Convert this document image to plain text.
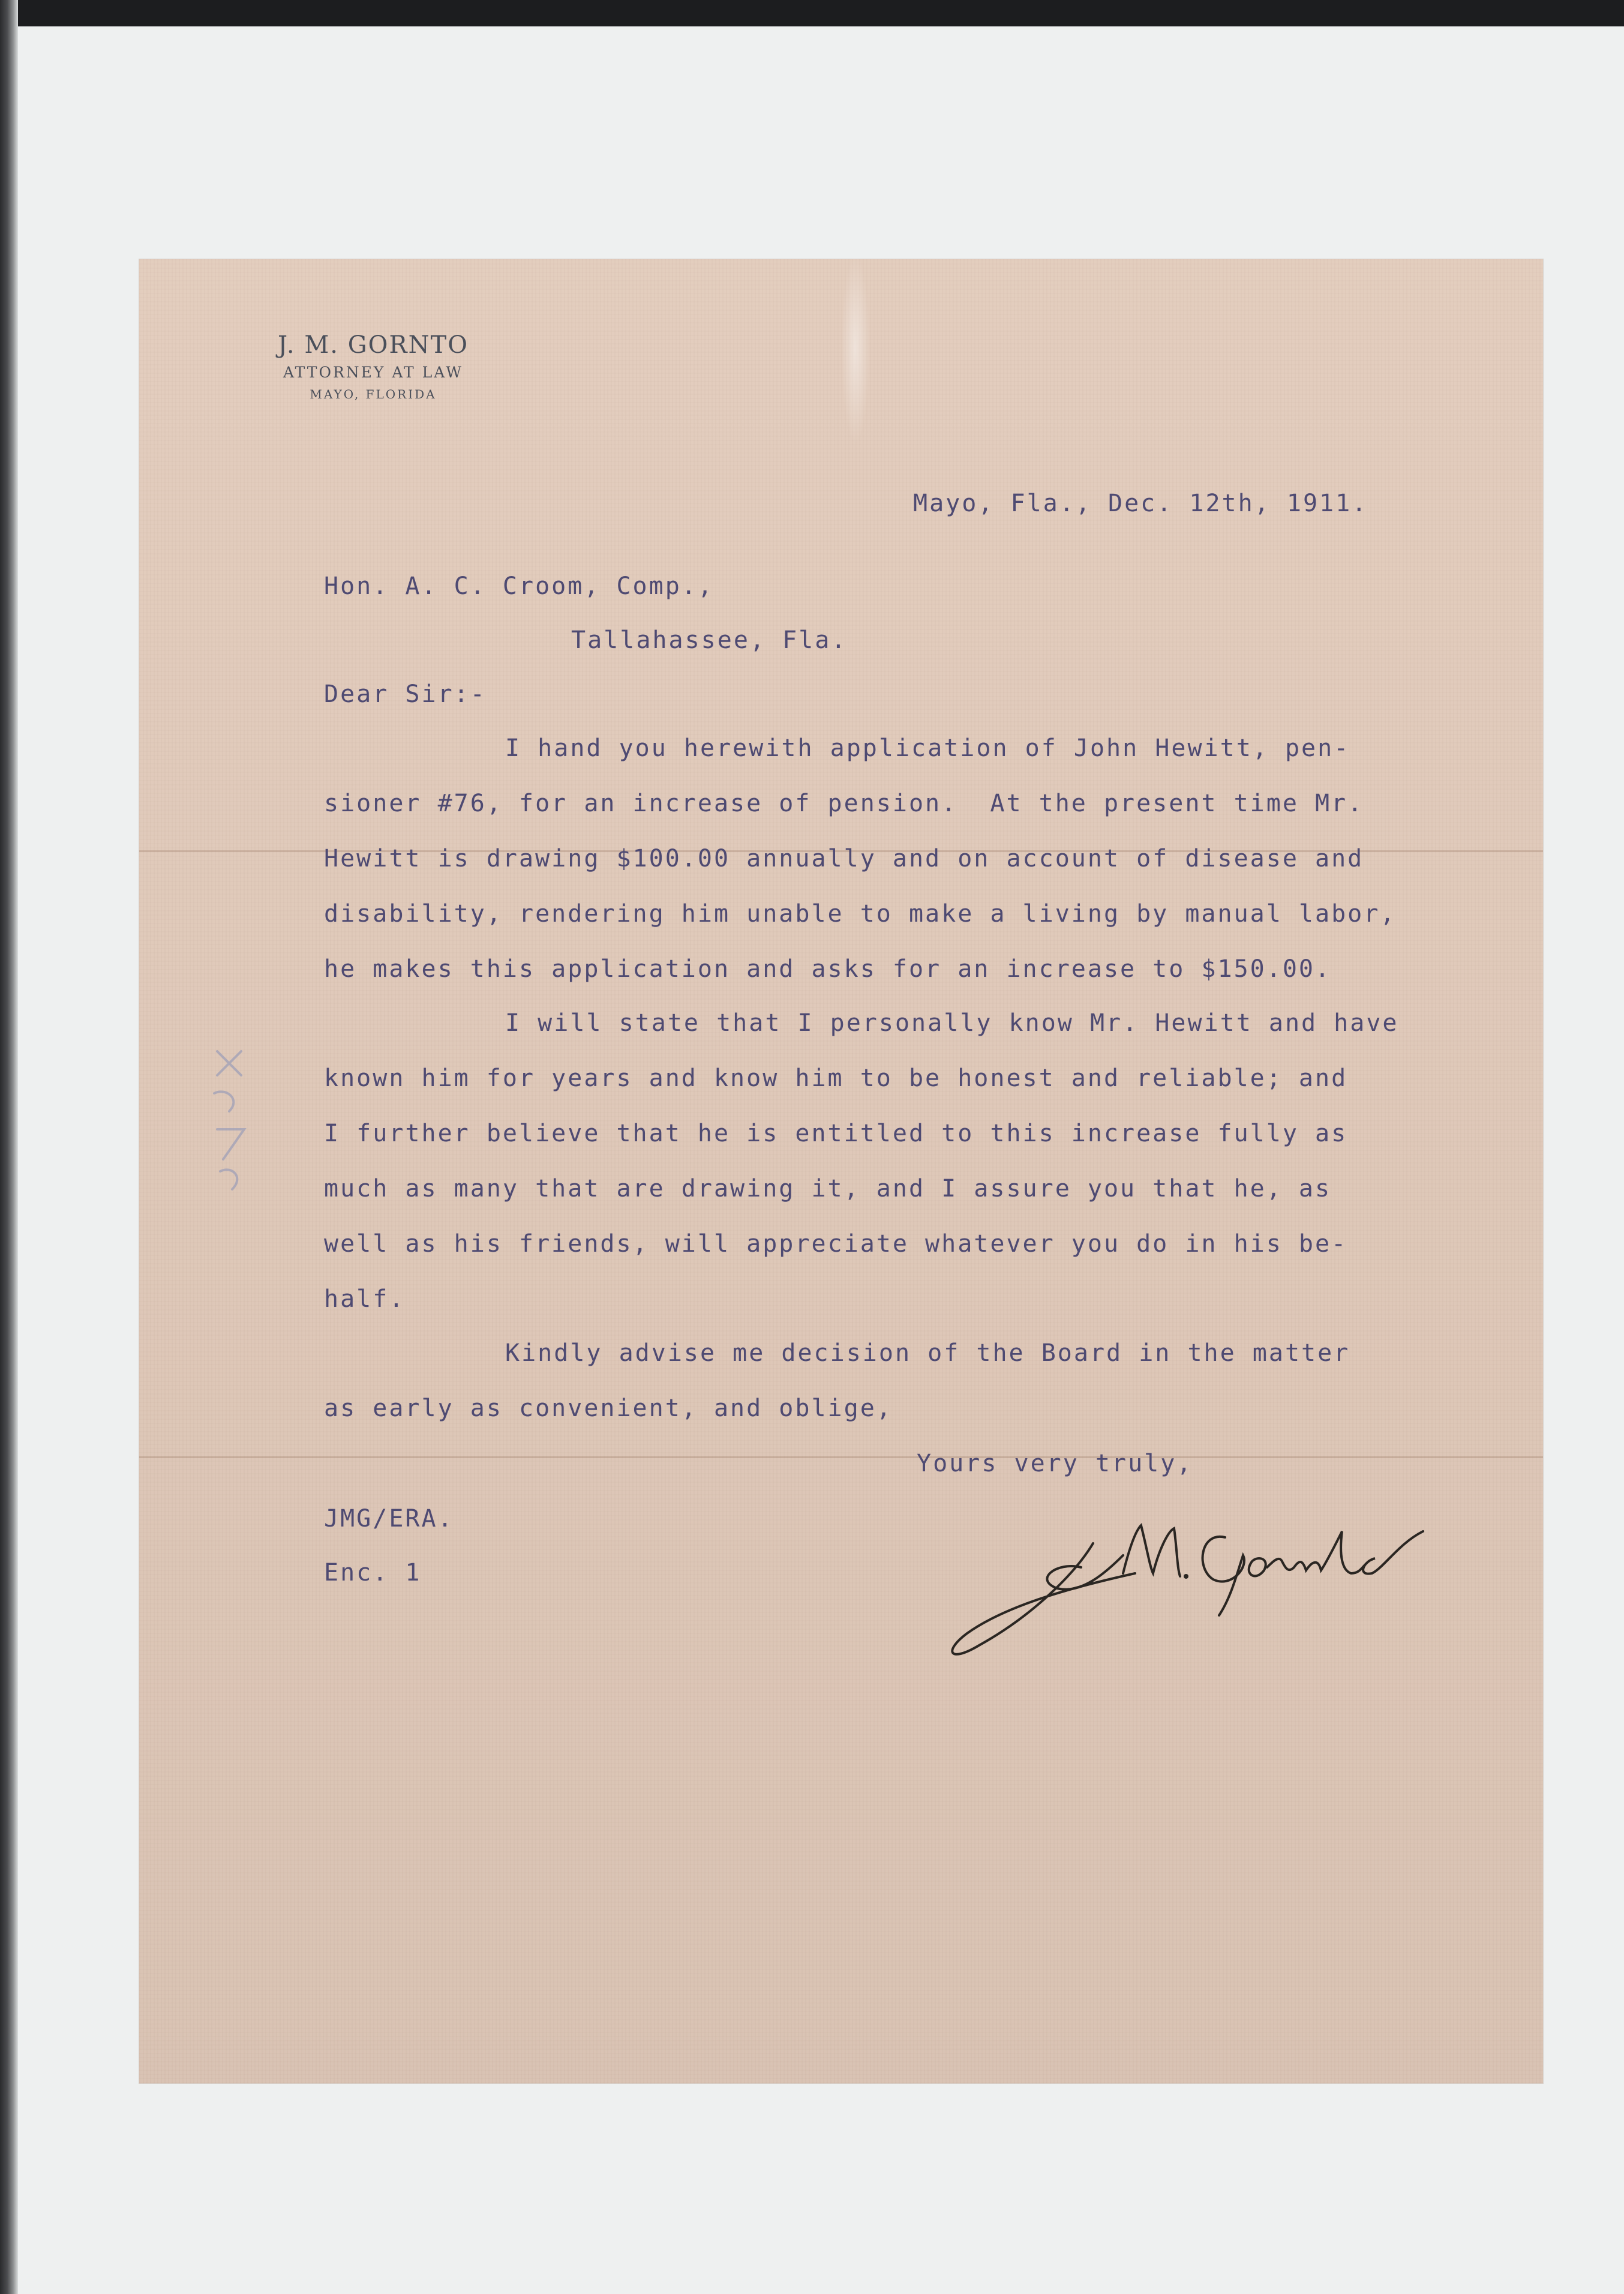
J. M. GORNTO
ATTORNEY AT LAW
MAYO, FLORIDA
Mayo, Fla., Dec. 12th, 1911.
Hon. A. C. Croom, Comp.,
Tallahassee, Fla.
Dear Sir:-
I hand you herewith application of John Hewitt, pen-
sioner #76, for an increase of pension.  At the present time Mr.
Hewitt is drawing $100.00 annually and on account of disease and
disability, rendering him unable to make a living by manual labor,
he makes this application and asks for an increase to $150.00.
I will state that I personally know Mr. Hewitt and have
known him for years and know him to be honest and reliable; and
I further believe that he is entitled to this increase fully as
much as many that are drawing it, and I assure you that he, as
well as his friends, will appreciate whatever you do in his be-
half.
Kindly advise me decision of the Board in the matter
as early as convenient, and oblige,
Yours very truly,
JMG/ERA.
Enc. 1
